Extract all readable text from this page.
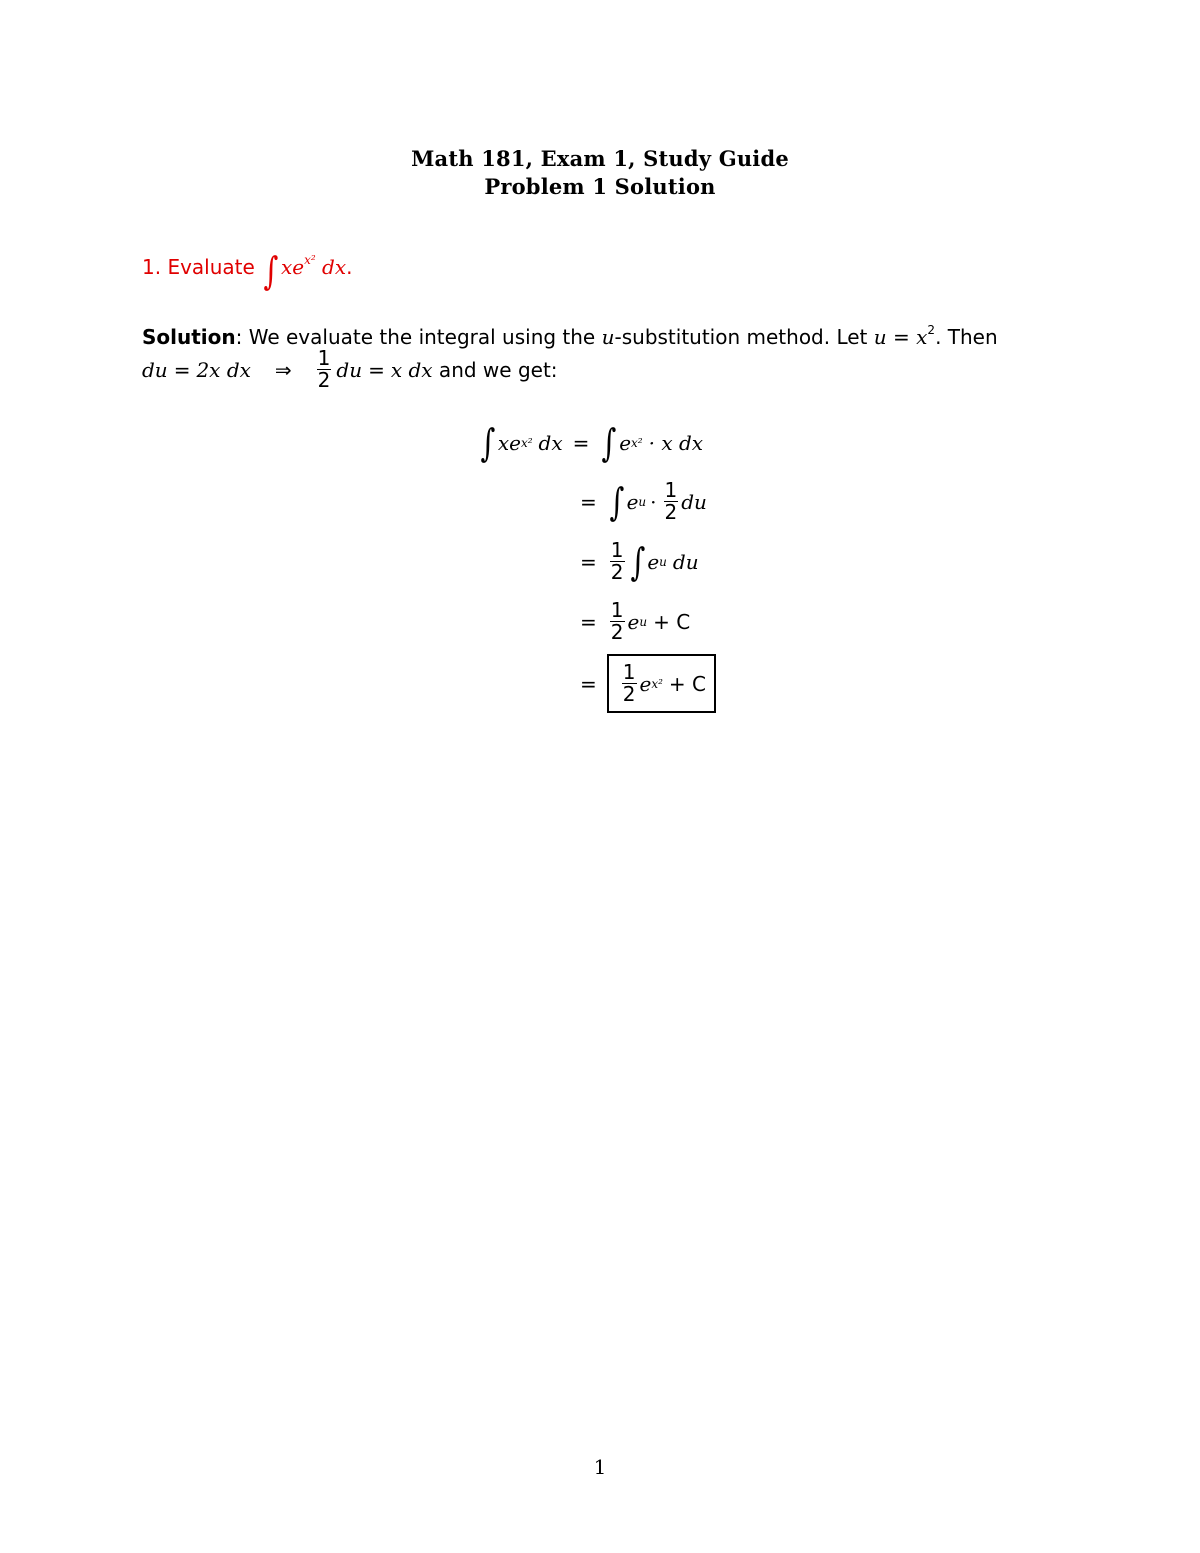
Math 181, Exam 1, Study Guide
Problem 1 Solution
1. Evaluate ∫ $xe^{x^2}$ dx.
Solution: We evaluate the integral using the u-substitution method. Let $u = x^2$. Then
du = 2x dx ⇒ $\frac{1}{2}$ du = x dx and we get:
∫ xe x² dx = ∫ e x² · x dx
= ∫ e $u \cdot \frac{1}{2}$ du
= $\frac{1}{2}$ ∫ e u du
= $\frac{1}{2}$ e u + C
= $\frac{1}{2}$ e x² + C
1
